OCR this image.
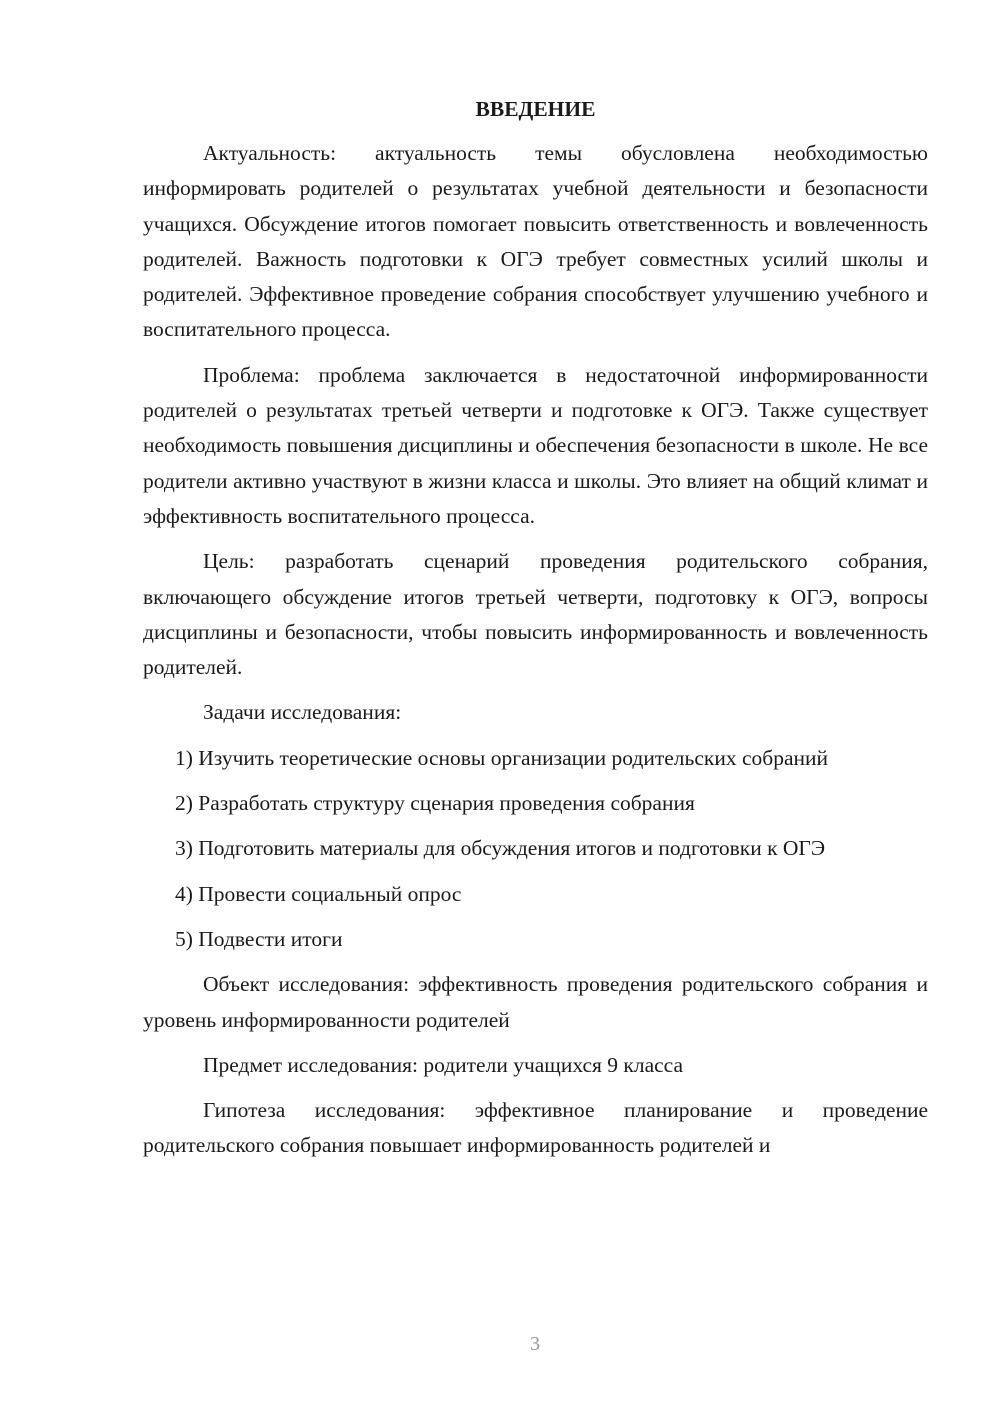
ВВЕДЕНИЕ

Актуальность: актуальность темы обусловлена необходимостью информировать родителей о результатах учебной деятельности и безопасности учащихся. Обсуждение итогов помогает повысить ответственность и вовлеченность родителей. Важность подготовки к ОГЭ требует совместных усилий школы и родителей. Эффективное проведение собрания способствует улучшению учебного и воспитательного процесса.

Проблема: проблема заключается в недостаточной информированности родителей о результатах третьей четверти и подготовке к ОГЭ. Также существует необходимость повышения дисциплины и обеспечения безопасности в школе. Не все родители активно участвуют в жизни класса и школы. Это влияет на общий климат и эффективность воспитательного процесса.

Цель: разработать сценарий проведения родительского собрания, включающего обсуждение итогов третьей четверти, подготовку к ОГЭ, вопросы дисциплины и безопасности, чтобы повысить информированность и вовлеченность родителей.

Задачи исследования:

1) Изучить теоретические основы организации родительских собраний

2) Разработать структуру сценария проведения собрания

3) Подготовить материалы для обсуждения итогов и подготовки к ОГЭ

4) Провести социальный опрос

5) Подвести итоги

Объект исследования: эффективность проведения родительского собрания и уровень информированности родителей

Предмет исследования: родители учащихся 9 класса

Гипотеза исследования: эффективное планирование и проведение родительского собрания повышает информированность родителей и

3
